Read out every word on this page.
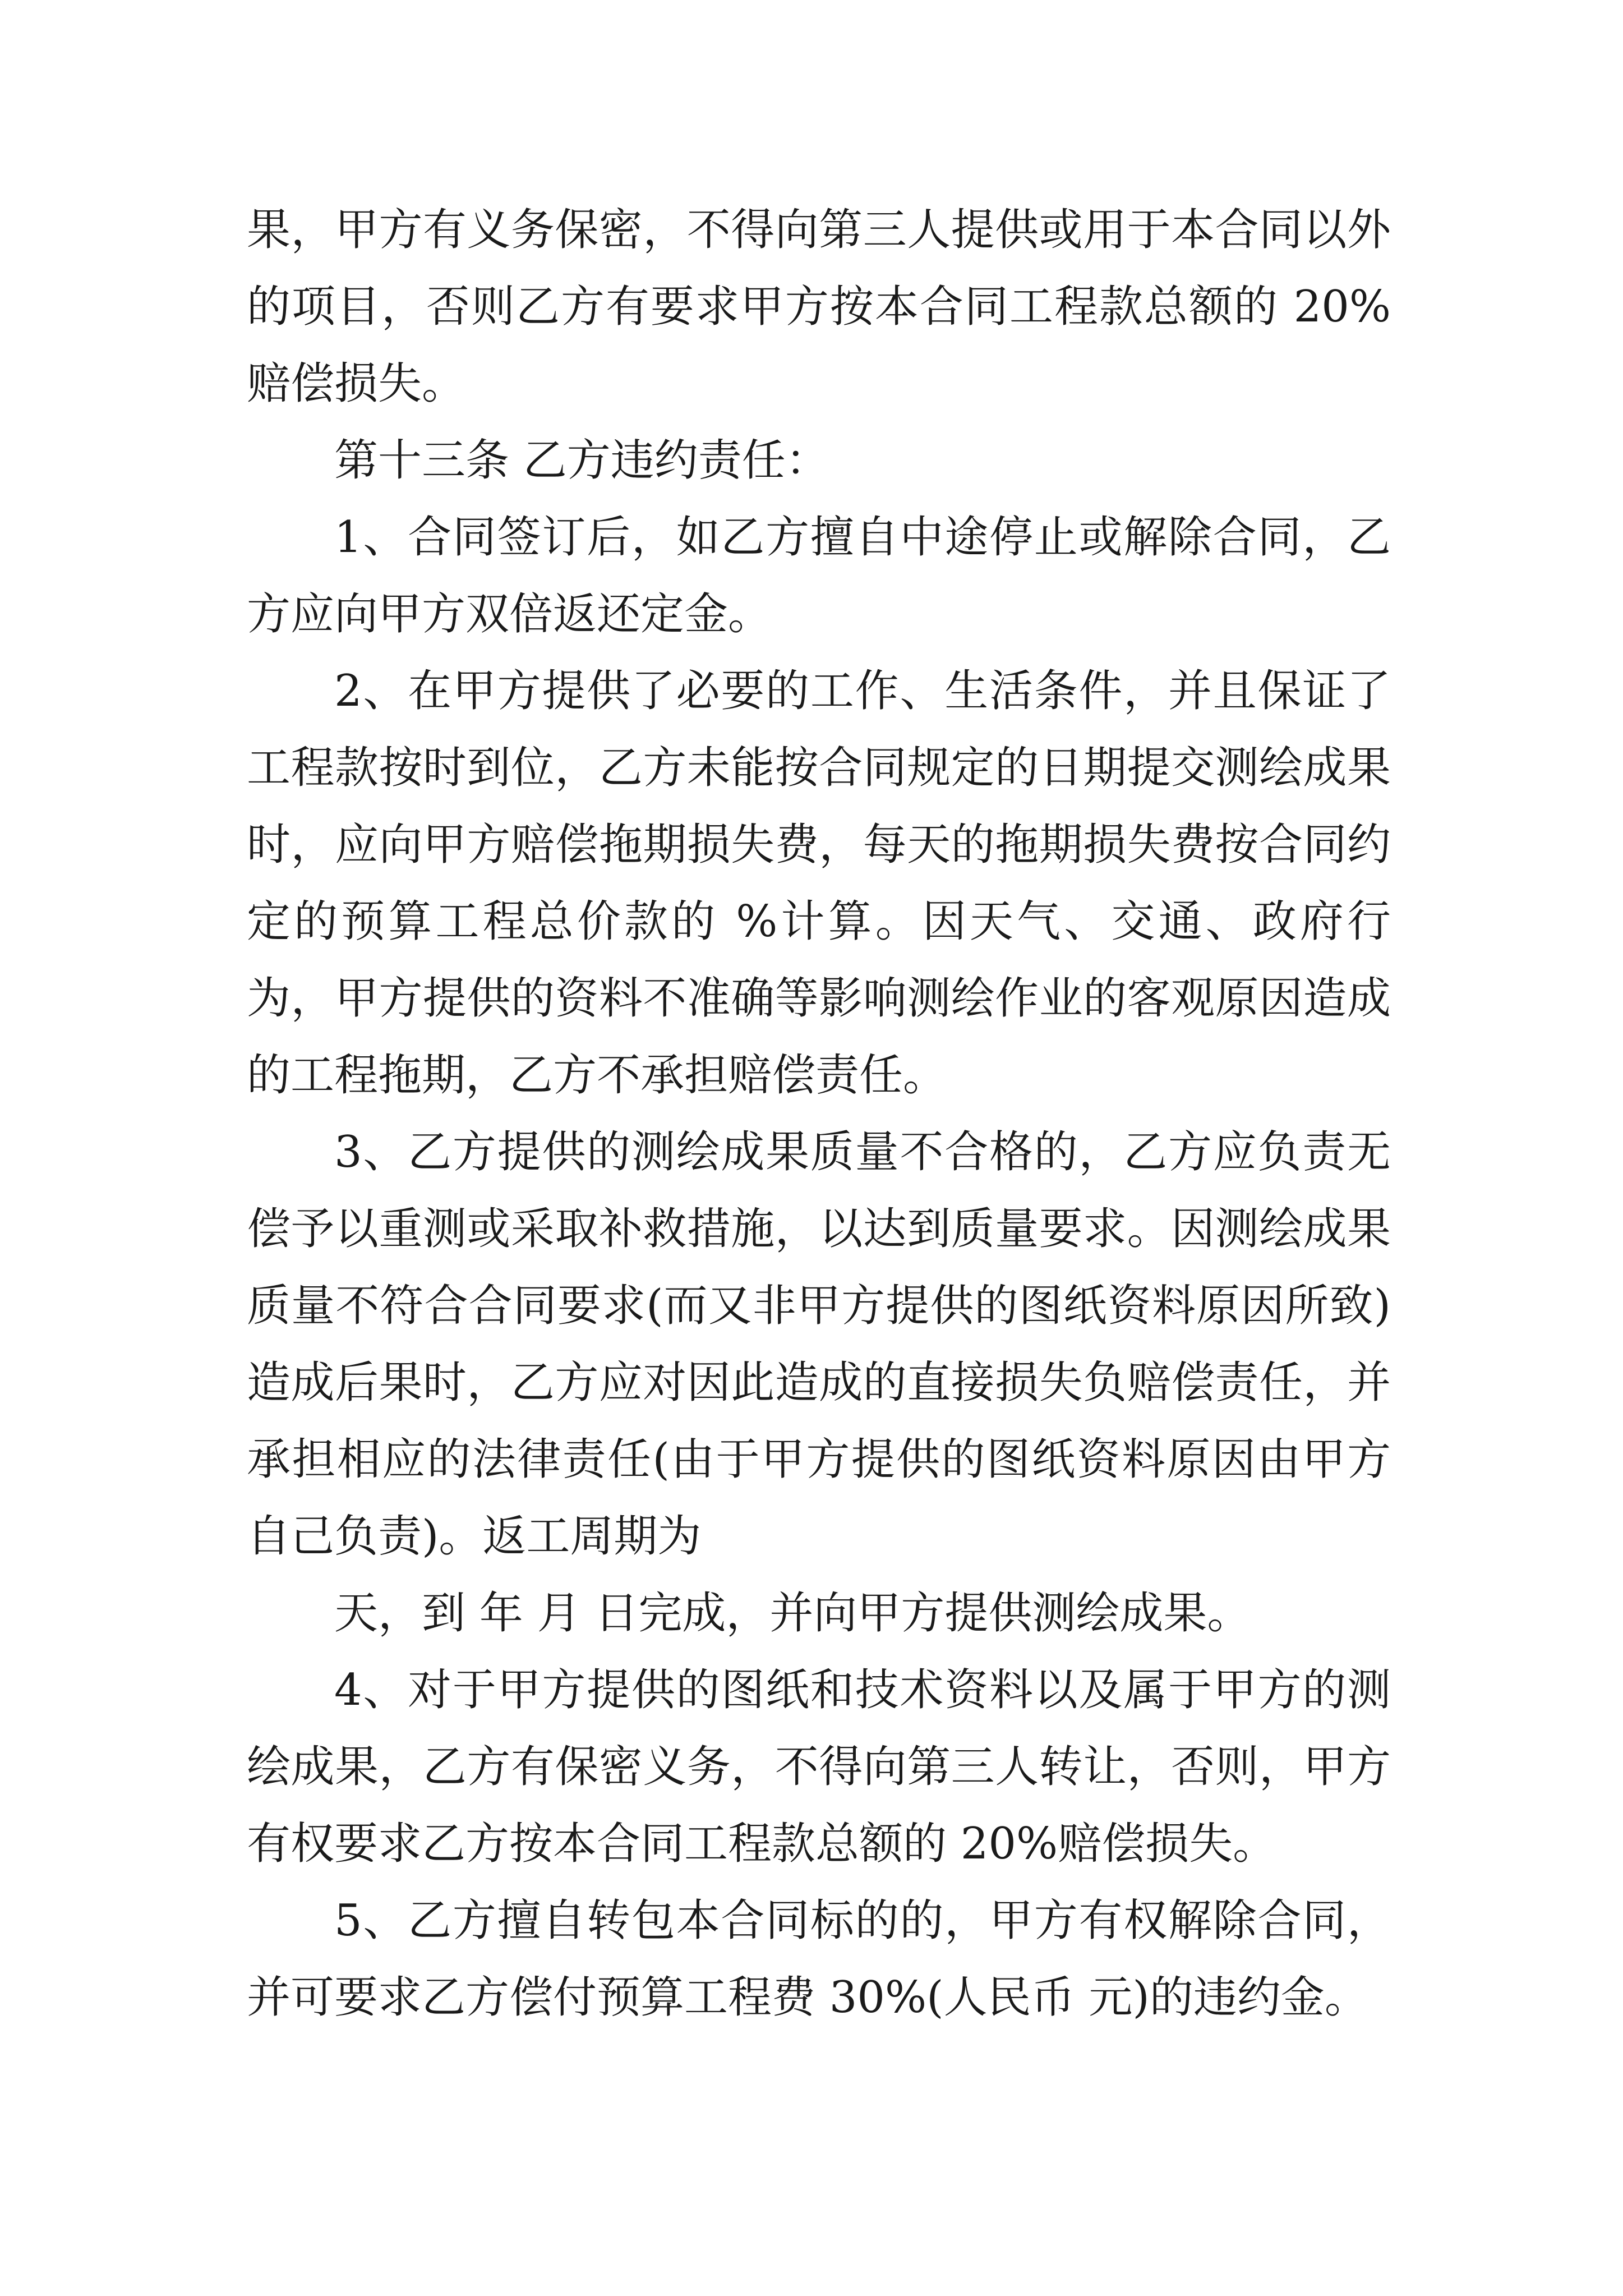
果，甲方有义务保密，不得向第三人提供或用于本合同以外的项目，否则乙方有要求甲方按本合同工程款总额的 20%赔偿损失。

第十三条 乙方违约责任：

1、合同签订后，如乙方擅自中途停止或解除合同，乙方应向甲方双倍返还定金。

2、在甲方提供了必要的工作、生活条件，并且保证了工程款按时到位，乙方未能按合同规定的日期提交测绘成果时，应向甲方赔偿拖期损失费，每天的拖期损失费按合同约定的预算工程总价款的 %计算。因天气、交通、政府行为，甲方提供的资料不准确等影响测绘作业的客观原因造成的工程拖期，乙方不承担赔偿责任。

3、乙方提供的测绘成果质量不合格的，乙方应负责无偿予以重测或采取补救措施，以达到质量要求。因测绘成果质量不符合合同要求(而又非甲方提供的图纸资料原因所致)造成后果时，乙方应对因此造成的直接损失负赔偿责任，并承担相应的法律责任(由于甲方提供的图纸资料原因由甲方自己负责)。返工周期为

天，到 年 月 日完成，并向甲方提供测绘成果。

4、对于甲方提供的图纸和技术资料以及属于甲方的测绘成果，乙方有保密义务，不得向第三人转让，否则，甲方有权要求乙方按本合同工程款总额的 20%赔偿损失。

5、乙方擅自转包本合同标的的，甲方有权解除合同，并可要求乙方偿付预算工程费 30%(人民币 元)的违约金。
